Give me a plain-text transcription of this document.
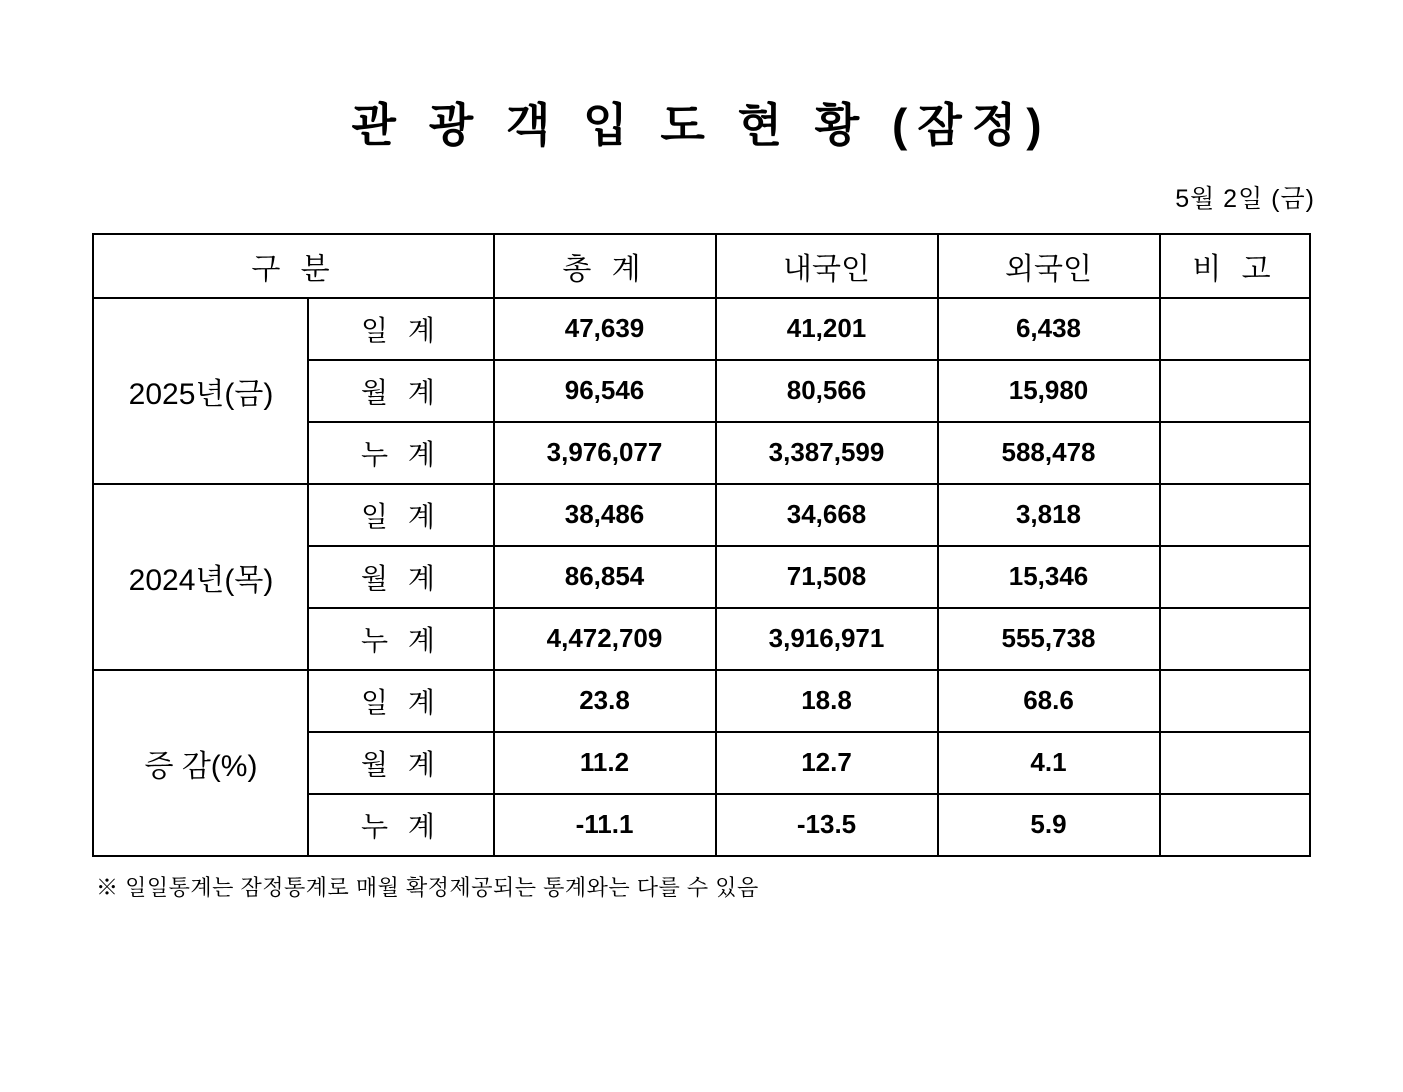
관 광 객 입 도 현 황 (잠정)
5월 2일 (금)
구 분		총 계	내국인	외국인	비 고
2025년(금)	일 계	47,639	41,201	6,438	
	월 계	96,546	80,566	15,980	
	누 계	3,976,077	3,387,599	588,478	
2024년(목)	일 계	38,486	34,668	3,818	
	월 계	86,854	71,508	15,346	
	누 계	4,472,709	3,916,971	555,738	
증 감(%)	일 계	23.8	18.8	68.6	
	월 계	11.2	12.7	4.1	
	누 계	-11.1	-13.5	5.9	
※ 일일통계는 잠정통계로 매월 확정제공되는 통계와는 다를 수 있음
